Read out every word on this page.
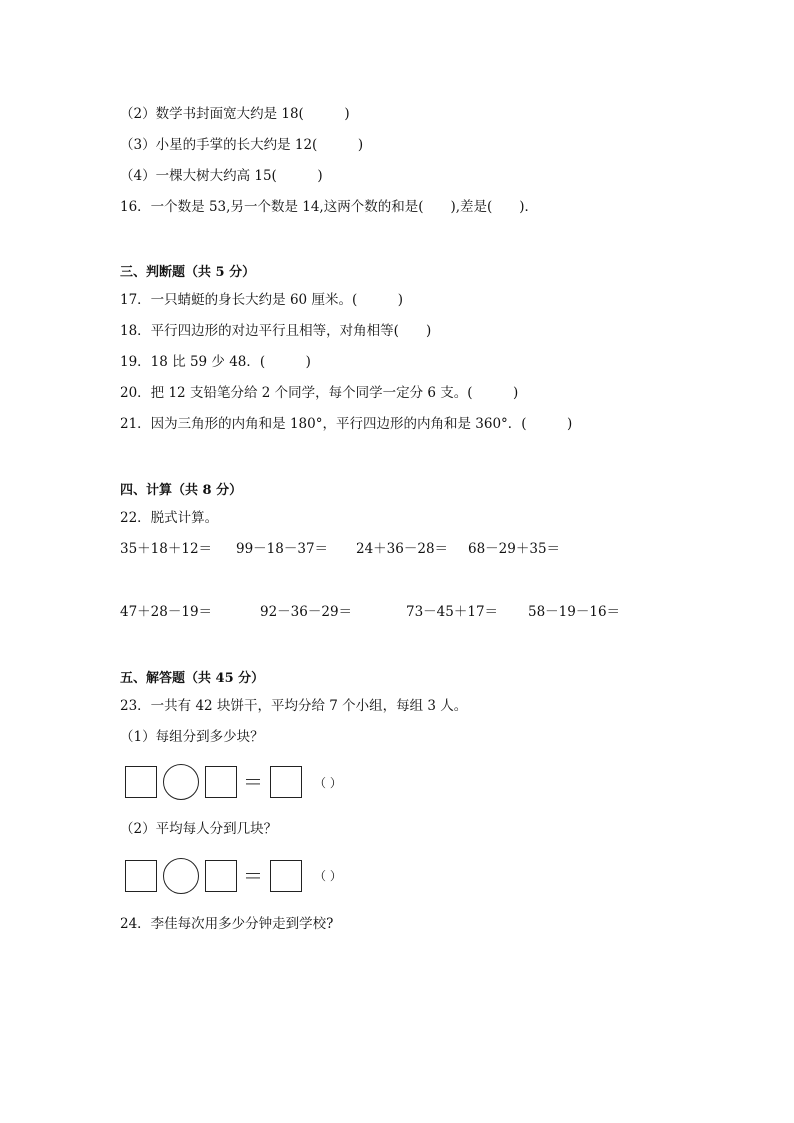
（2）数学书封面宽大约是 18(　　　)
（3）小星的手掌的长大约是 12(　　　)
（4）一棵大树大约高 15(　　　)
16．一个数是 53,另一个数是 14,这两个数的和是(　　),差是(　　)．
三、判断题（共 5 分）
17．一只蜻蜓的身长大约是 60 厘米。(　　　)
18．平行四边形的对边平行且相等，对角相等(　　)
19．18 比 59 少 48．(　　　)
20．把 12 支铅笔分给 2 个同学，每个同学一定分 6 支。(　　　)
21．因为三角形的内角和是 180°，平行四边形的内角和是 360°．(　　　)
四、计算（共 8 分）
22．脱式计算。
35＋18＋12＝ 99－18－37＝ 24＋36－28＝ 68－29＋35＝
47＋28－19＝	92－36－29＝	73－45＋17＝ 58－19－16＝
五、解答题（共 45 分）
23．一共有 42 块饼干，平均分给 7 个小组，每组 3 人。
（1）每组分到多少块？
＝	（ ）
（2）平均每人分到几块？
＝	（ ）
24．李佳每次用多少分钟走到学校?
